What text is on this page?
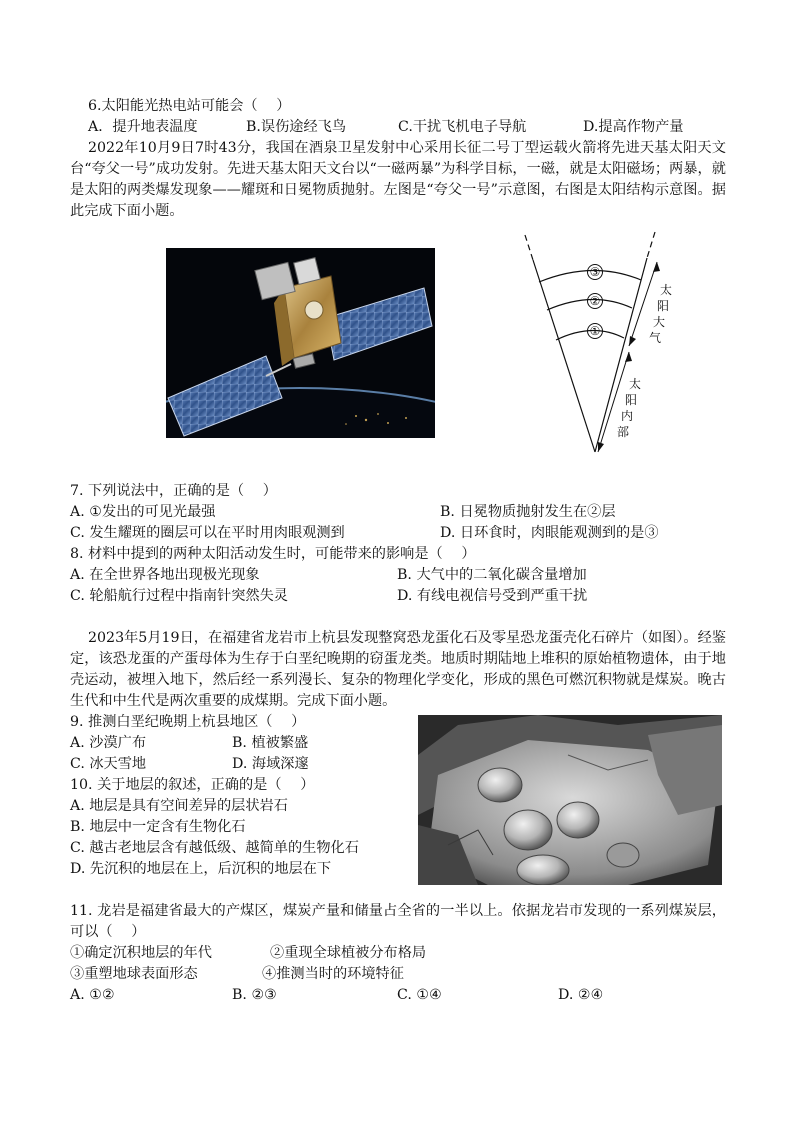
6.太阳能光热电站可能会（　 ）
A．提升地表温度	B.误伤途经飞鸟	C.干扰飞机电子导航	D.提高作物产量
2022年10月9日7时43分，我国在酒泉卫星发射中心采用长征二号丁型运载火箭将先进天基太阳天文台“夸父一号”成功发射。先进天基太阳天文台以“一磁两暴”为科学目标，一磁，就是太阳磁场；两暴，就是太阳的两类爆发现象——耀斑和日冕物质抛射。左图是“夸父一号”示意图，右图是太阳结构示意图。据此完成下面小题。
③
②
①
太
阳
大
气
太
阳
内
部
7. 下列说法中，正确的是（　 ）
A. ①发出的可见光最强	B. 日冕物质抛射发生在②层
C. 发生耀斑的圈层可以在平时用肉眼观测到	D. 日环食时，肉眼能观测到的是③
8. 材料中提到的两种太阳活动发生时，可能带来的影响是（　 ）
A. 在全世界各地出现极光现象	B. 大气中的二氧化碳含量增加
C. 轮船航行过程中指南针突然失灵	D. 有线电视信号受到严重干扰
2023年5月19日，在福建省龙岩市上杭县发现整窝恐龙蛋化石及零星恐龙蛋壳化石碎片（如图）。经鉴定，该恐龙蛋的产蛋母体为生存于白垩纪晚期的窃蛋龙类。地质时期陆地上堆积的原始植物遗体，由于地壳运动，被埋入地下，然后经一系列漫长、复杂的物理化学变化，形成的黑色可燃沉积物就是煤炭。晚古生代和中生代是两次重要的成煤期。完成下面小题。
9. 推测白垩纪晚期上杭县地区（　 ）
A. 沙漠广布	B. 植被繁盛
C. 冰天雪地	D. 海域深邃
10. 关于地层的叙述，正确的是（　 ）
A. 地层是具有空间差异的层状岩石
B. 地层中一定含有生物化石
C. 越古老地层含有越低级、越简单的生物化石
D. 先沉积的地层在上，后沉积的地层在下
11. 龙岩是福建省最大的产煤区，煤炭产量和储量占全省的一半以上。依据龙岩市发现的一系列煤炭层，可以（　 ）
①确定沉积地层的年代	②重现全球植被分布格局
③重塑地球表面形态	④推测当时的环境特征
A. ①②	B. ②③	C. ①④	D. ②④
